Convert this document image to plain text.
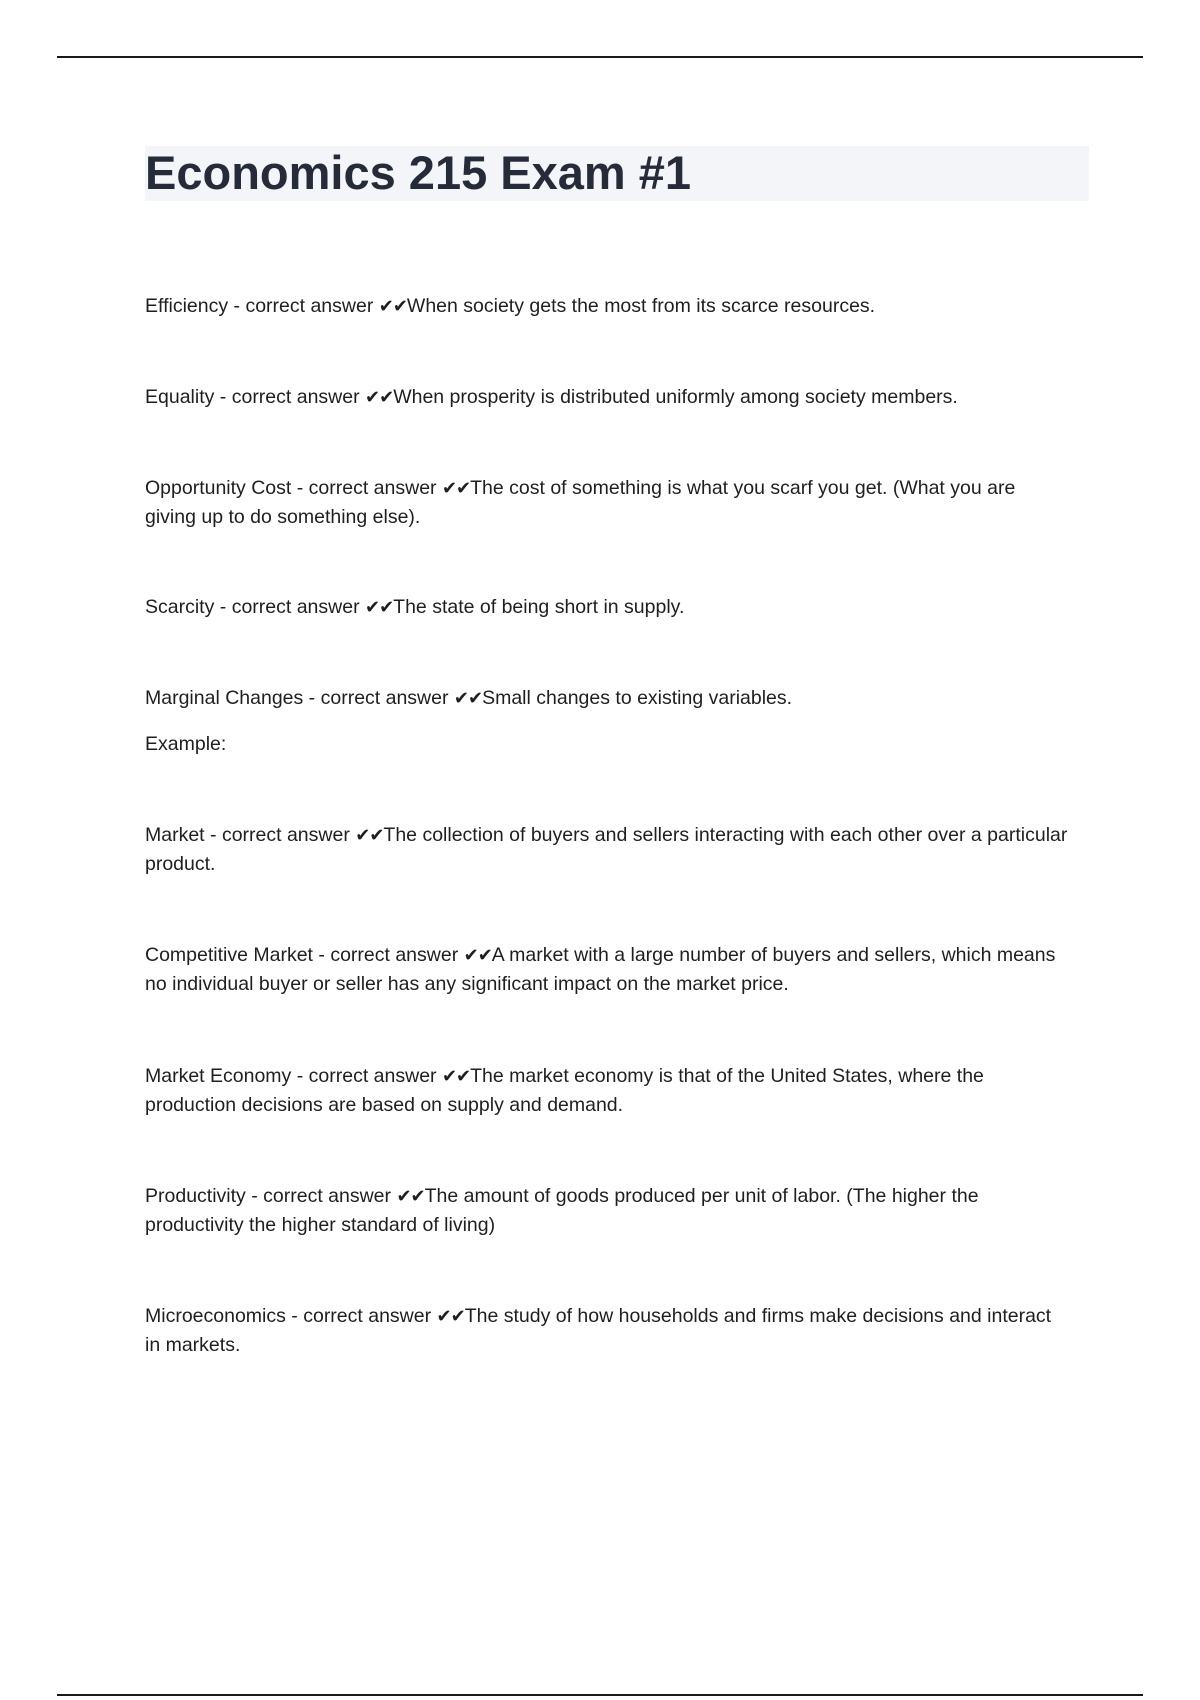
Economics 215 Exam #1

Efficiency - correct answer ✔✔When society gets the most from its scarce resources.

Equality - correct answer ✔✔When prosperity is distributed uniformly among society members.

Opportunity Cost - correct answer ✔✔The cost of something is what you scarf you get. (What you are giving up to do something else).

Scarcity - correct answer ✔✔The state of being short in supply.

Marginal Changes - correct answer ✔✔Small changes to existing variables.

Example:

Market - correct answer ✔✔The collection of buyers and sellers interacting with each other over a particular product.

Competitive Market - correct answer ✔✔A market with a large number of buyers and sellers, which means no individual buyer or seller has any significant impact on the market price.

Market Economy - correct answer ✔✔The market economy is that of the United States, where the production decisions are based on supply and demand.

Productivity - correct answer ✔✔The amount of goods produced per unit of labor. (The higher the productivity the higher standard of living)

Microeconomics - correct answer ✔✔The study of how households and firms make decisions and interact in markets.
